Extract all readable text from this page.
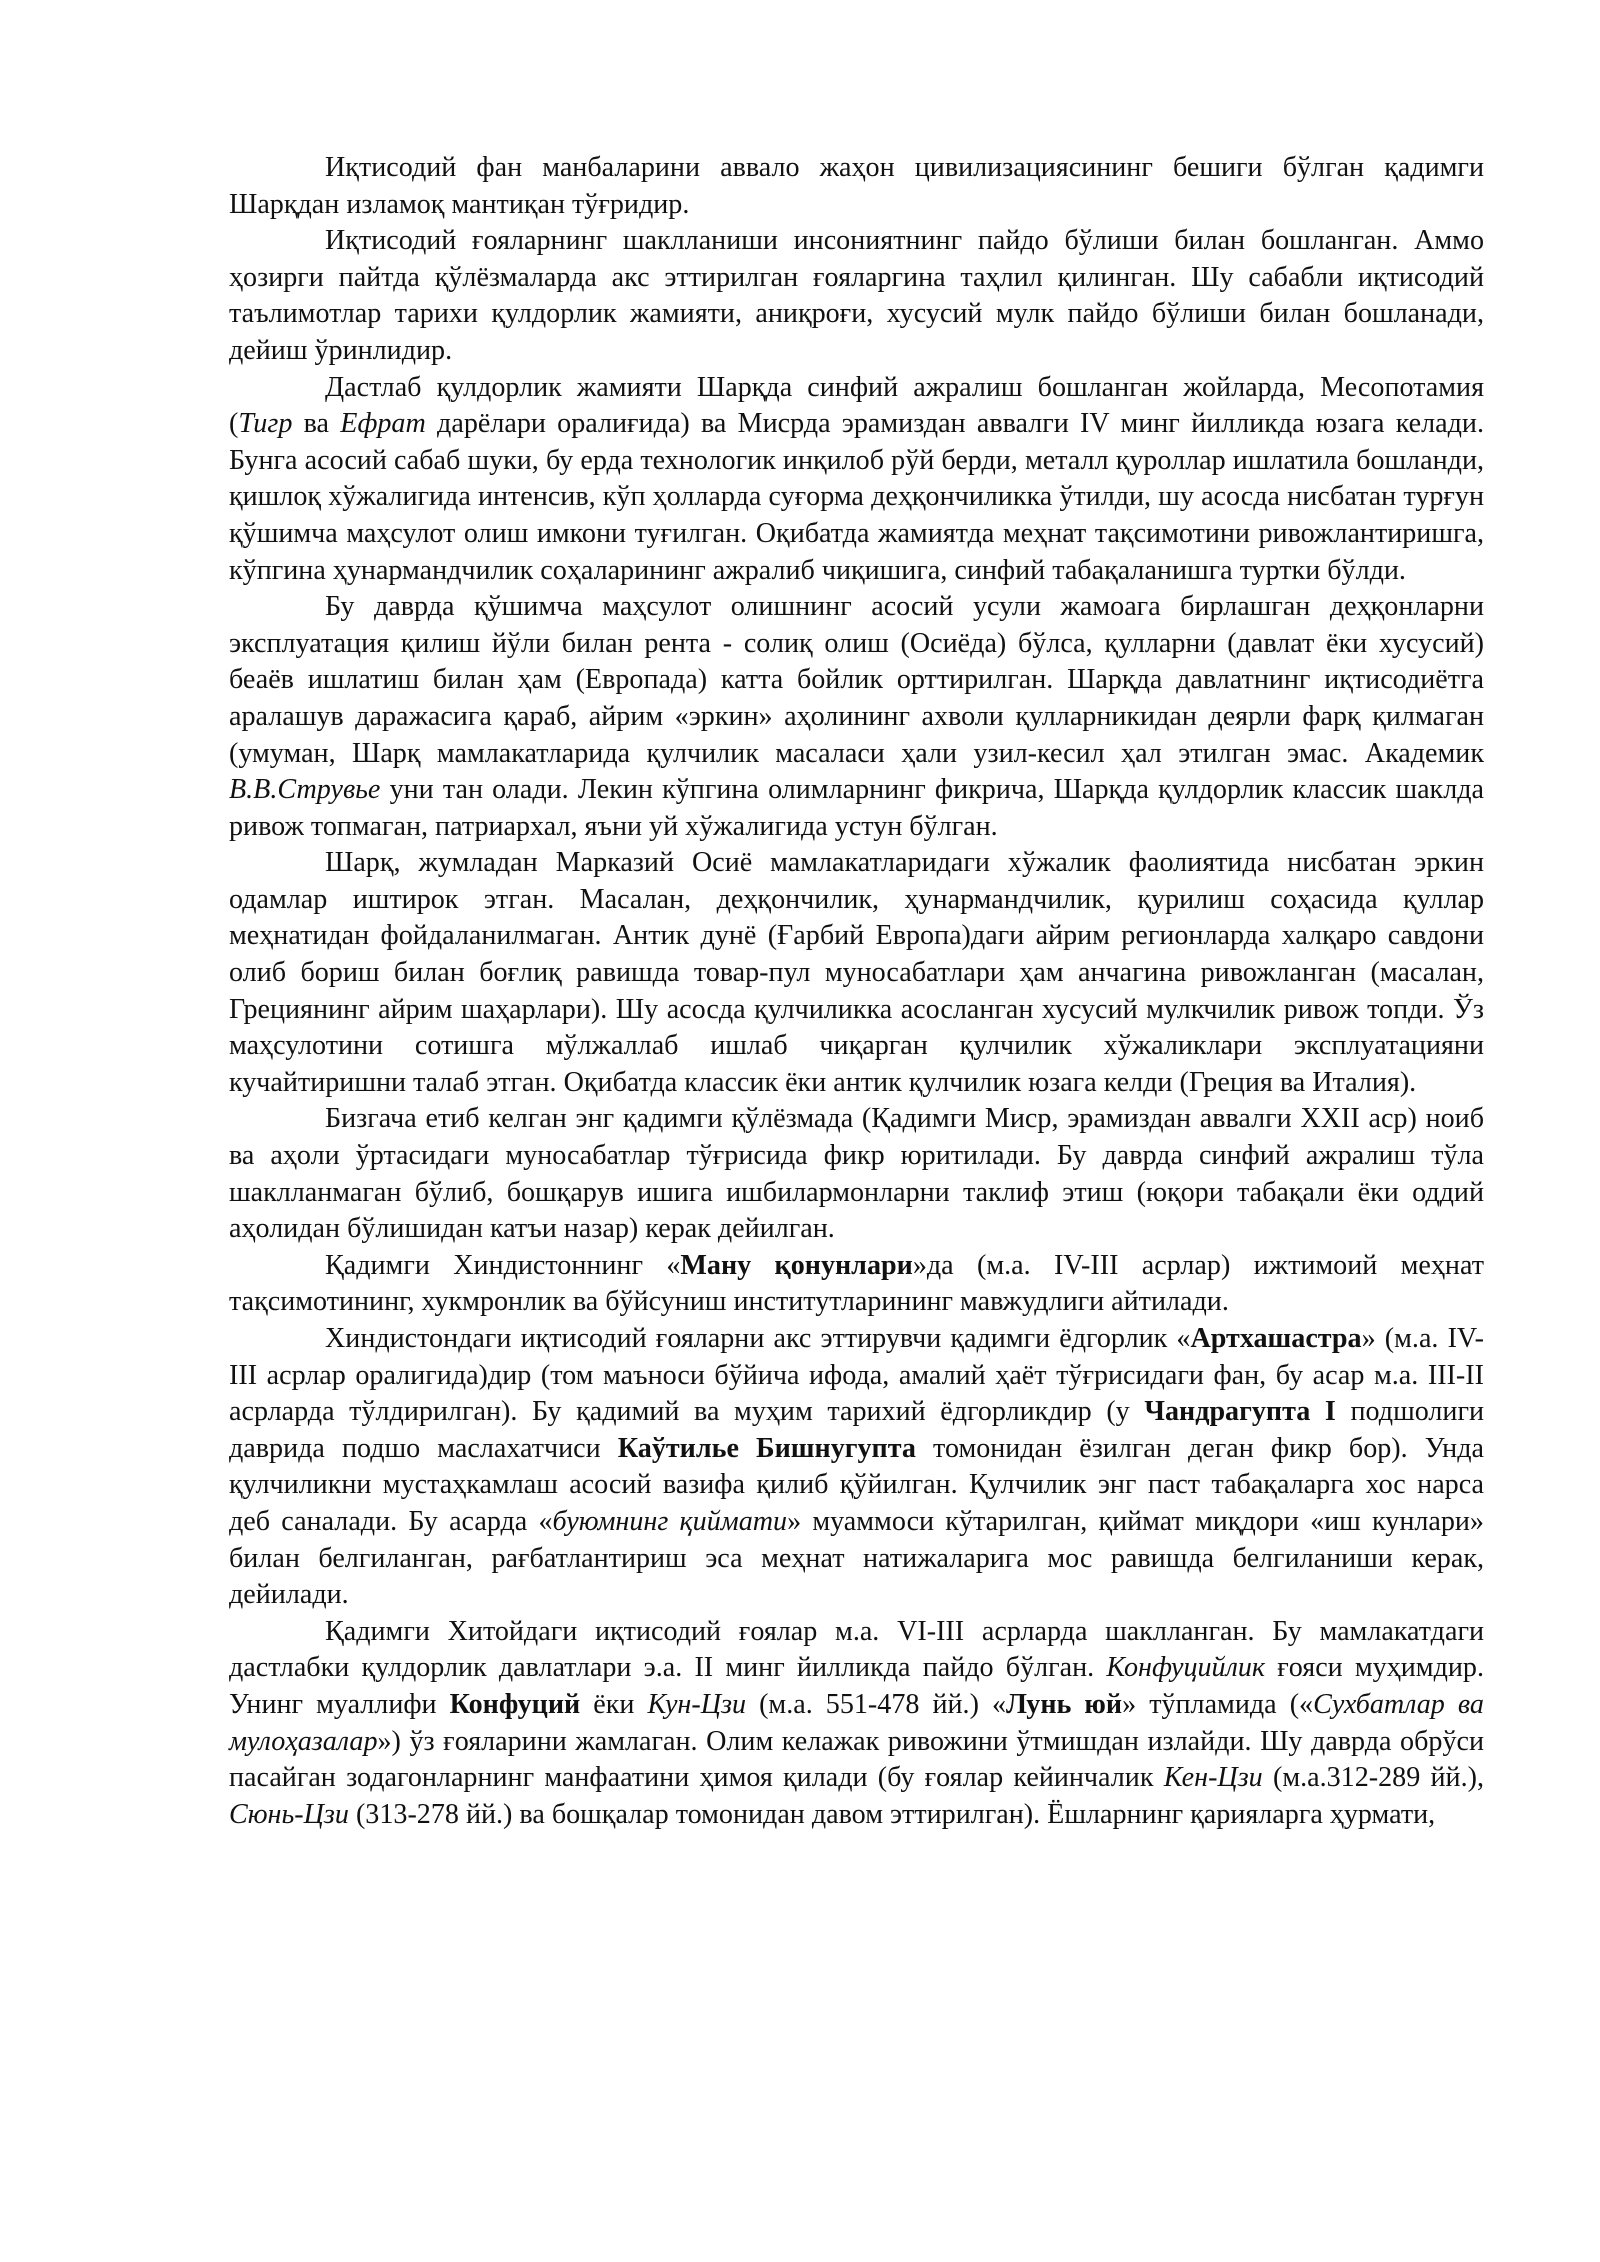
Иқтисодий фан манбаларини аввало жаҳон цивилизациясининг бешиги бўлган қадимги Шарқдан изламоқ мантиқан тўғридир.

Иқтисодий ғояларнинг шаклланиши инсониятнинг пайдо бўлиши билан бошланган. Аммо ҳозирги пайтда қўлёзмаларда акс эттирилган ғояларгина таҳлил қилинган. Шу сабабли иқтисодий таълимотлар тарихи қулдорлик жамияти, аниқроғи, хусусий мулк пайдо бўлиши билан бошланади, дейиш ўринлидир.

Дастлаб қулдорлик жамияти Шарқда синфий ажралиш бошланган жойларда, Месопотамия (Тигр ва Ефрат дарёлари оралиғида) ва Мисрда эрамиздан аввалги IV минг йилликда юзага келади. Бунга асосий сабаб шуки, бу ерда технологик инқилоб рўй берди, металл қуроллар ишлатила бошланди, қишлоқ хўжалигида интенсив, кўп ҳолларда суғорма деҳқончиликка ўтилди, шу асосда нисбатан турғун қўшимча маҳсулот олиш имкони туғилган. Оқибатда жамиятда меҳнат тақсимотини ривожлантиришга, кўпгина ҳунармандчилик соҳаларининг ажралиб чиқишига, синфий табақаланишга туртки бўлди.

Бу даврда қўшимча маҳсулот олишнинг асосий усули жамоага бирлашган деҳқонларни эксплуатация қилиш йўли билан рента - солиқ олиш (Осиёда) бўлса, қулларни (давлат ёки хусусий) беаёв ишлатиш билан ҳам (Европада) катта бойлик орттирилган. Шарқда давлатнинг иқтисодиётга аралашув даражасига қараб, айрим «эркин» аҳолининг ахволи қулларникидан деярли фарқ қилмаган (умуман, Шарқ мамлакатларида қулчилик масаласи ҳали узил-кесил ҳал этилган эмас. Академик В.В.Струвье уни тан олади. Лекин кўпгина олимларнинг фикрича, Шарқда қулдорлик классик шаклда ривож топмаган, патриархал, яъни уй хўжалигида устун бўлган.

Шарқ, жумладан Марказий Осиё мамлакатларидаги хўжалик фаолиятида нисбатан эркин одамлар иштирок этган. Масалан, деҳқончилик, ҳунармандчилик, қурилиш соҳасида қуллар меҳнатидан фойдаланилмаган. Антик дунё (Ғарбий Европа)даги айрим регионларда халқаро савдони олиб бориш билан боғлиқ равишда товар-пул муносабатлари ҳам анчагина ривожланган (масалан, Грециянинг айрим шаҳарлари). Шу асосда қулчиликка асосланган хусусий мулкчилик ривож топди. Ўз маҳсулотини сотишга мўлжаллаб ишлаб чиқарган қулчилик хўжаликлари эксплуатацияни кучайтиришни талаб этган. Оқибатда классик ёки антик қулчилик юзага келди (Греция ва Италия).

Бизгача етиб келган энг қадимги қўлёзмада (Қадимги Миср, эрамиздан аввалги XXII аср) ноиб ва аҳоли ўртасидаги муносабатлар тўғрисида фикр юритилади. Бу даврда синфий ажралиш тўла шаклланмаган бўлиб, бошқарув ишига ишбилармонларни таклиф этиш (юқори табақали ёки оддий аҳолидан бўлишидан катъи назар) керак дейилган.

Қадимги Хиндистоннинг «Ману қонунлари»да (м.а. IV-III асрлар) ижтимоий меҳнат тақсимотининг, хукмронлик ва бўйсуниш институтларининг мавжудлиги айтилади.

Хиндистондаги иқтисодий ғояларни акс эттирувчи қадимги ёдгорлик «Артхашастра» (м.а. IV-III асрлар оралигида)дир (том маъноси бўйича ифода, амалий ҳаёт тўғрисидаги фан, бу асар м.а. III-II асрларда тўлдирилган). Бу қадимий ва муҳим тарихий ёдгорликдир (у Чандрагупта I подшолиги даврида подшо маслахатчиси Каўтилье Бишнугупта томонидан ёзилган деган фикр бор). Унда қулчиликни мустаҳкамлаш асосий вазифа қилиб қўйилган. Қулчилик энг паст табақаларга хос нарса деб саналади. Бу асарда «буюмнинг қиймати» муаммоси кўтарилган, қиймат миқдори «иш кунлари» билан белгиланган, рағбатлантириш эса меҳнат натижаларига мос равишда белгиланиши керак, дейилади.

Қадимги Хитойдаги иқтисодий ғоялар м.а. VI-III асрларда шаклланган. Бу мамлакатдаги дастлабки қулдорлик давлатлари э.а. II минг йилликда пайдо бўлган. Конфуцийлик ғояси муҳимдир. Унинг муаллифи Конфуций ёки Кун-Цзи (м.а. 551-478 йй.) «Лунь юй» тўпламида («Сухбатлар ва мулоҳазалар») ўз ғояларини жамлаган. Олим келажак ривожини ўтмишдан излайди. Шу даврда обрўси пасайган зодагонларнинг манфаатини ҳимоя қилади (бу ғоялар кейинчалик Кен-Цзи (м.а.312-289 йй.), Сюнь-Цзи (313-278 йй.) ва бошқалар томонидан давом эттирилган). Ёшларнинг қарияларга ҳурмати,
